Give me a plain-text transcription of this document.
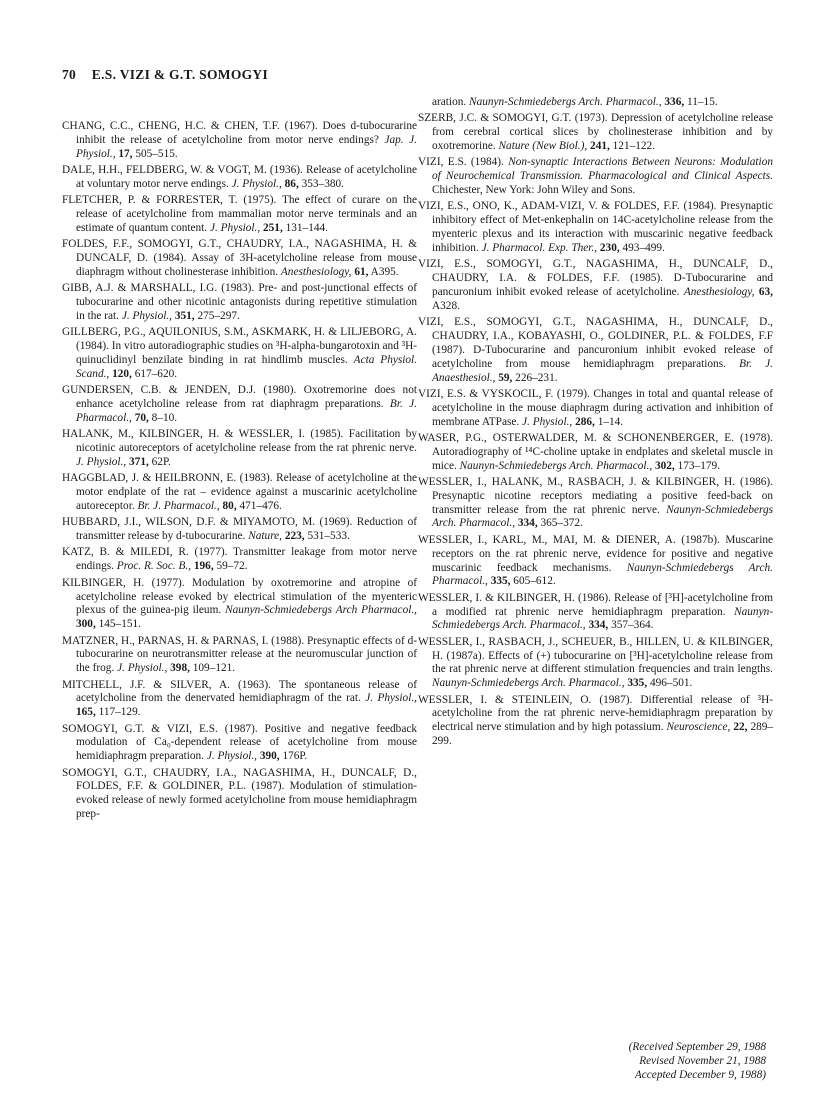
70 E.S. VIZI & G.T. SOMOGYI

CHANG, C.C., CHENG, H.C. & CHEN, T.F. (1967). Does d-tubocurarine inhibit the release of acetylcholine from motor nerve endings? Jap. J. Physiol., 17, 505–515.

DALE, H.H., FELDBERG, W. & VOGT, M. (1936). Release of acetylcholine at voluntary motor nerve endings. J. Physiol., 86, 353–380.

FLETCHER, P. & FORRESTER, T. (1975). The effect of curare on the release of acetylcholine from mammalian motor nerve terminals and an estimate of quantum content. J. Physiol., 251, 131–144.

FOLDES, F.F., SOMOGYI, G.T., CHAUDRY, I.A., NAGASHIMA, H. & DUNCALF, D. (1984). Assay of 3H-acetylcholine release from mouse diaphragm without cholinesterase inhibition. Anesthesiology, 61, A395.

GIBB, A.J. & MARSHALL, I.G. (1983). Pre- and post-junctional effects of tubocurarine and other nicotinic antagonists during repetitive stimulation in the rat. J. Physiol., 351, 275–297.

GILLBERG, P.G., AQUILONIUS, S.M., ASKMARK, H. & LILJEBORG, A. (1984). In vitro autoradiographic studies on ³H-alpha-bungarotoxin and ³H-quinuclidinyl benzilate binding in rat hindlimb muscles. Acta Physiol. Scand., 120, 617–620.

GUNDERSEN, C.B. & JENDEN, D.J. (1980). Oxotremorine does not enhance acetylcholine release from rat diaphragm preparations. Br. J. Pharmacol., 70, 8–10.

HALANK, M., KILBINGER, H. & WESSLER, I. (1985). Facilitation by nicotinic autoreceptors of acetylcholine release from the rat phrenic nerve. J. Physiol., 371, 62P.

HAGGBLAD, J. & HEILBRONN, E. (1983). Release of acetylcholine at the motor endplate of the rat – evidence against a muscarinic acetylcholine autoreceptor. Br. J. Pharmacol., 80, 471–476.

HUBBARD, J.I., WILSON, D.F. & MIYAMOTO, M. (1969). Reduction of transmitter release by d-tubocurarine. Nature, 223, 531–533.

KATZ, B. & MILEDI, R. (1977). Transmitter leakage from motor nerve endings. Proc. R. Soc. B., 196, 59–72.

KILBINGER, H. (1977). Modulation by oxotremorine and atropine of acetylcholine release evoked by electrical stimulation of the myenteric plexus of the guinea-pig ileum. Naunyn-Schmiedebergs Arch Pharmacol., 300, 145–151.

MATZNER, H., PARNAS, H. & PARNAS, I. (1988). Presynaptic effects of d-tubocurarine on neurotransmitter release at the neuromuscular junction of the frog. J. Physiol., 398, 109–121.

MITCHELL, J.F. & SILVER, A. (1963). The spontaneous release of acetylcholine from the denervated hemidiaphragm of the rat. J. Physiol., 165, 117–129.

SOMOGYI, G.T. & VIZI, E.S. (1987). Positive and negative feedback modulation of Ca₀-dependent release of acetylcholine from mouse hemidiaphragm preparation. J. Physiol., 390, 176P.

SOMOGYI, G.T., CHAUDRY, I.A., NAGASHIMA, H., DUNCALF, D., FOLDES, F.F. & GOLDINER, P.L. (1987). Modulation of stimulation-evoked release of newly formed acetylcholine from mouse hemidiaphragm prep-

aration. Naunyn-Schmiedebergs Arch. Pharmacol., 336, 11–15.

SZERB, J.C. & SOMOGYI, G.T. (1973). Depression of acetylcholine release from cerebral cortical slices by cholinesterase inhibition and by oxotremorine. Nature (New Biol.), 241, 121–122.

VIZI, E.S. (1984). Non-synaptic Interactions Between Neurons: Modulation of Neurochemical Transmission. Pharmacological and Clinical Aspects. Chichester, New York: John Wiley and Sons.

VIZI, E.S., ONO, K., ADAM-VIZI, V. & FOLDES, F.F. (1984). Presynaptic inhibitory effect of Met-enkephalin on 14C-acetylcholine release from the myenteric plexus and its interaction with muscarinic negative feedback inhibition. J. Pharmacol. Exp. Ther., 230, 493–499.

VIZI, E.S., SOMOGYI, G.T., NAGASHIMA, H., DUNCALF, D., CHAUDRY, I.A. & FOLDES, F.F. (1985). D-Tubocurarine and pancuronium inhibit evoked release of acetylcholine. Anesthesiology, 63, A328.

VIZI, E.S., SOMOGYI, G.T., NAGASHIMA, H., DUNCALF, D., CHAUDRY, I.A., KOBAYASHI, O., GOLDINER, P.L. & FOLDES, F.F (1987). D-Tubocurarine and pancuronium inhibit evoked release of acetylcholine from mouse hemidiaphragm preparations. Br. J. Anaesthesiol., 59, 226–231.

VIZI, E.S. & VYSKOCIL, F. (1979). Changes in total and quantal release of acetylcholine in the mouse diaphragm during activation and inhibition of membrane ATPase. J. Physiol., 286, 1–14.

WASER, P.G., OSTERWALDER, M. & SCHONENBERGER, E. (1978). Autoradiography of ¹⁴C-choline uptake in endplates and skeletal muscle in mice. Naunyn-Schmiedebergs Arch. Pharmacol., 302, 173–179.

WESSLER, I., HALANK, M., RASBACH, J. & KILBINGER, H. (1986). Presynaptic nicotine receptors mediating a positive feed-back on transmitter release from the rat phrenic nerve. Naunyn-Schmiedebergs Arch. Pharmacol., 334, 365–372.

WESSLER, I., KARL, M., MAI, M. & DIENER, A. (1987b). Muscarine receptors on the rat phrenic nerve, evidence for positive and negative muscarinic feedback mechanisms. Naunyn-Schmiedebergs Arch. Pharmacol., 335, 605–612.

WESSLER, I. & KILBINGER, H. (1986). Release of [³H]-acetylcholine from a modified rat phrenic nerve hemidiaphragm preparation. Naunyn-Schmiedebergs Arch. Pharmacol., 334, 357–364.

WESSLER, I., RASBACH, J., SCHEUER, B., HILLEN, U. & KILBINGER, H. (1987a). Effects of (+) tubocurarine on [³H]-acetylcholine release from the rat phrenic nerve at different stimulation frequencies and train lengths. Naunyn-Schmiedebergs Arch. Pharmacol., 335, 496–501.

WESSLER, I. & STEINLEIN, O. (1987). Differential release of ³H-acetylcholine from the rat phrenic nerve-hemidiaphragm preparation by electrical nerve stimulation and by high potassium. Neuroscience, 22, 289–299.

(Received September 29, 1988
Revised November 21, 1988
Accepted December 9, 1988)
